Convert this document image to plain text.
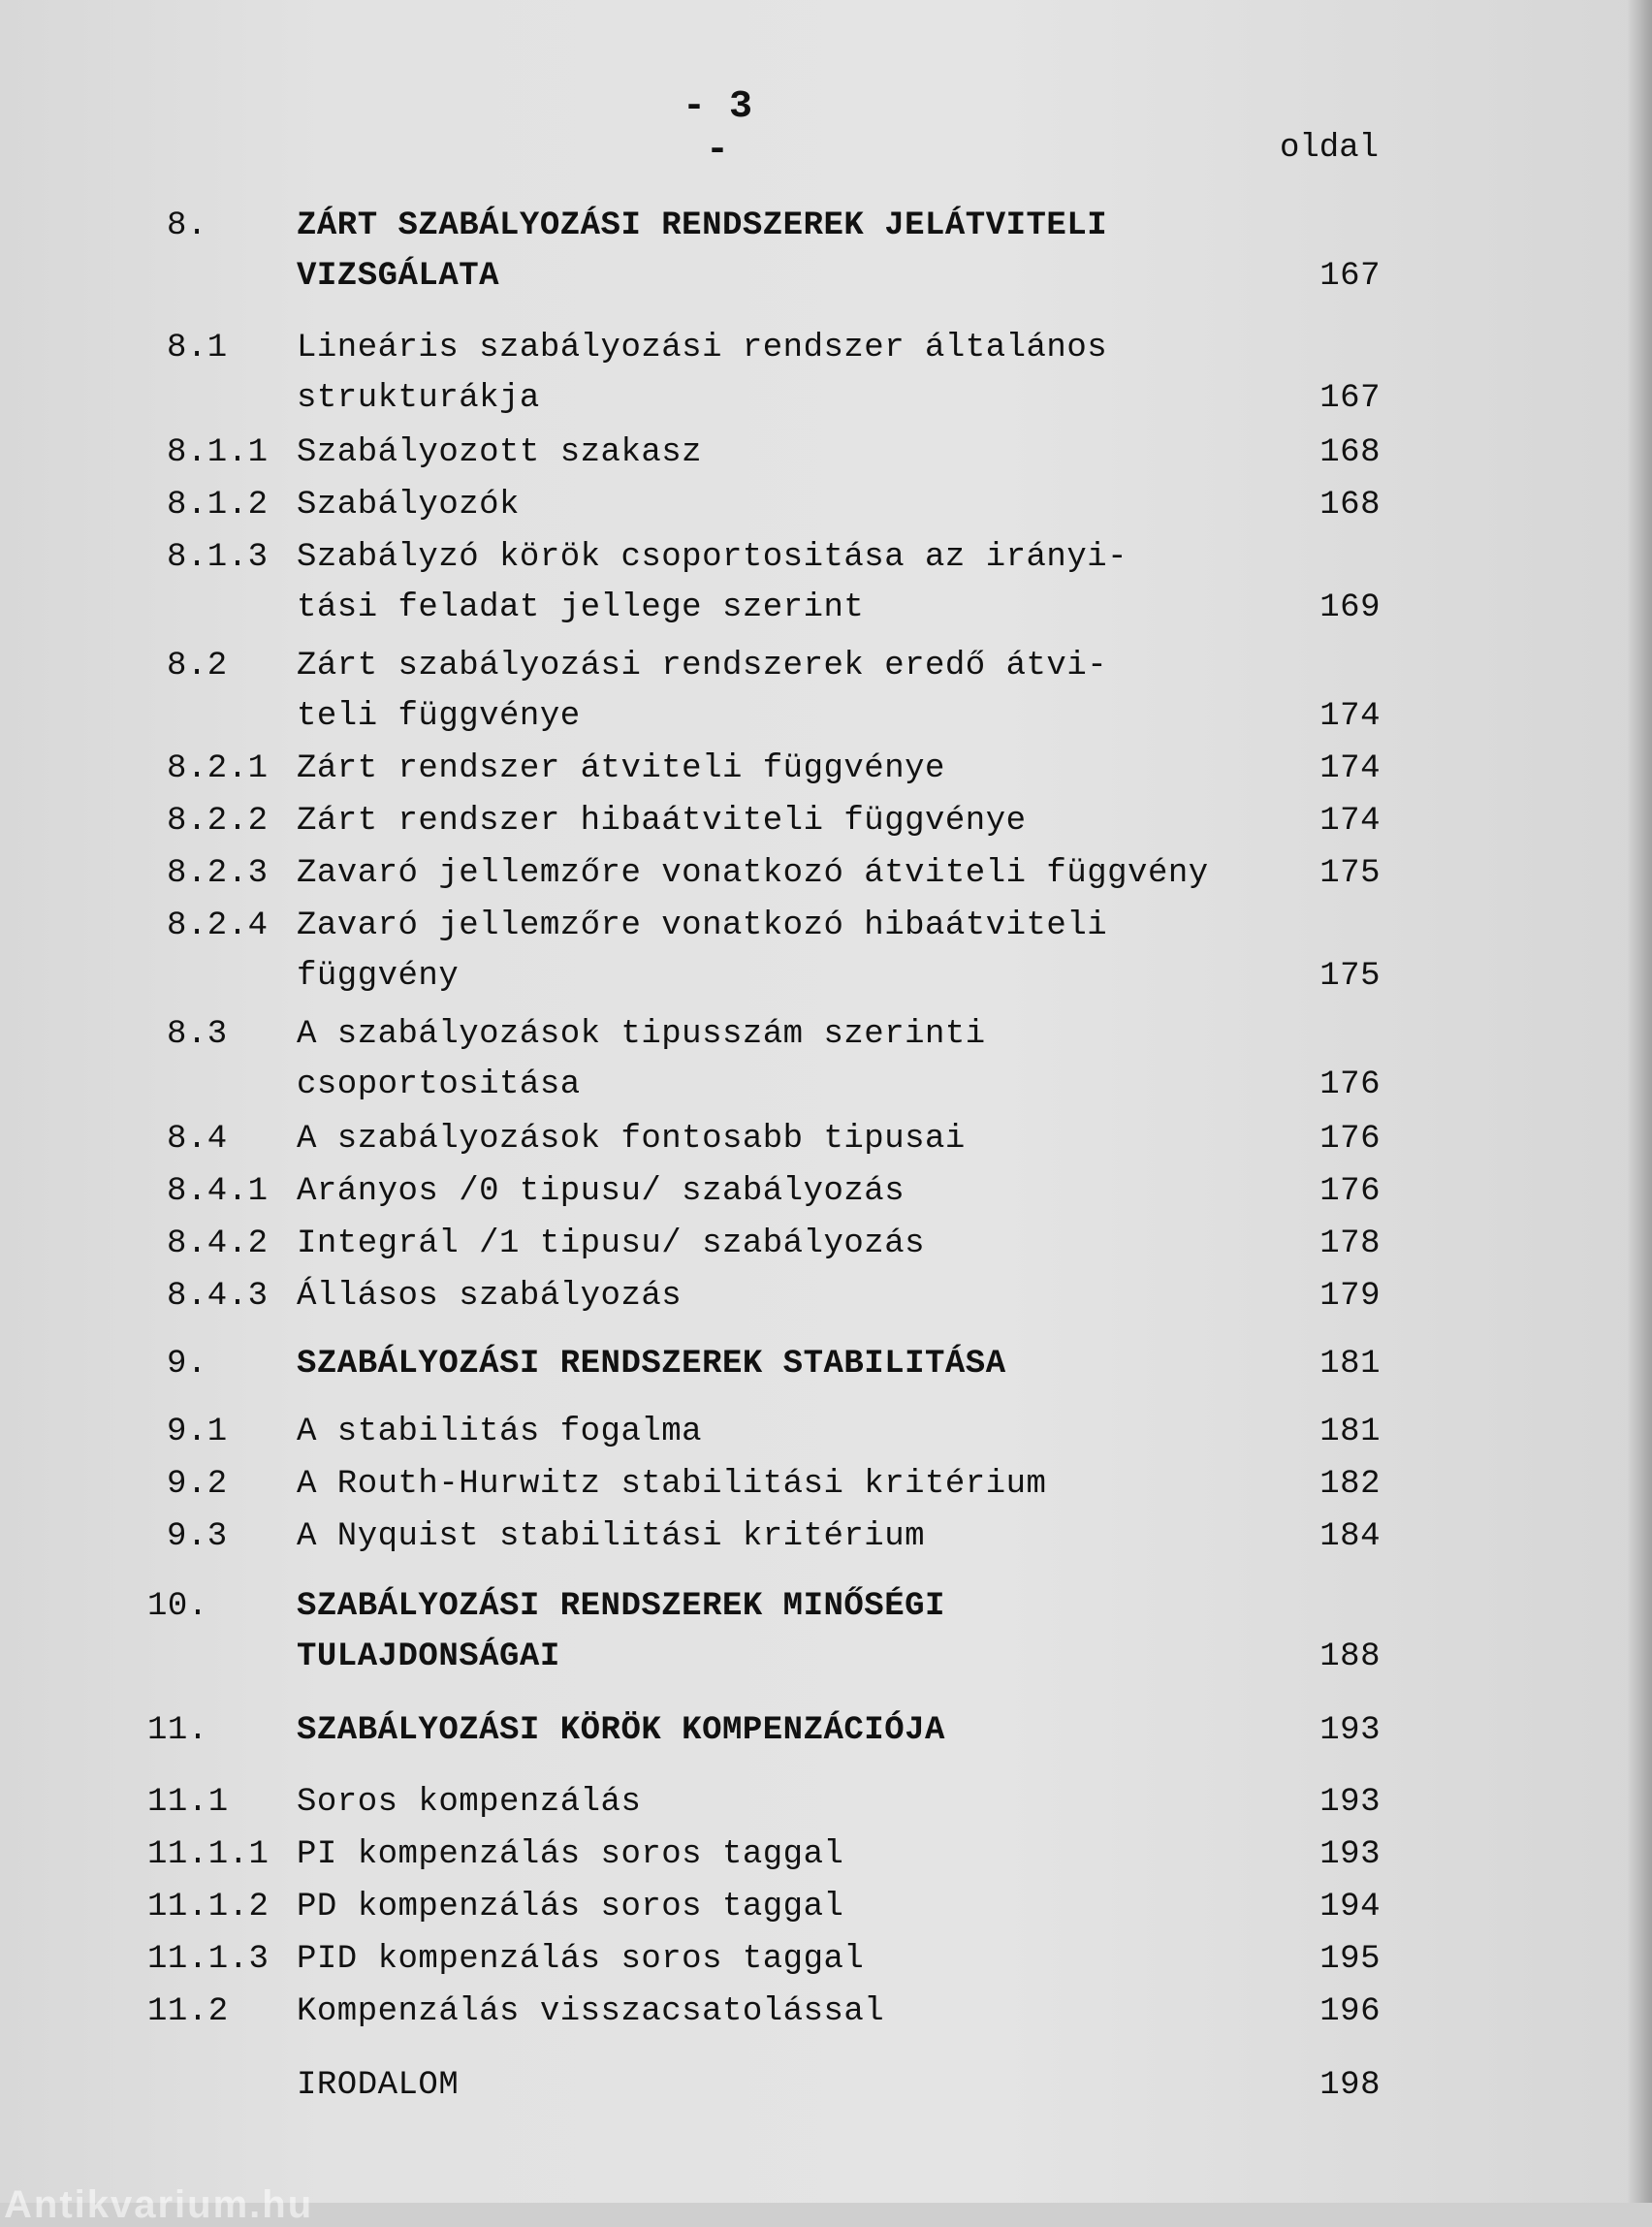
- 3 -	oldal
8.	ZÁRT SZABÁLYOZÁSI RENDSZEREK JELÁTVITELI
VIZSGÁLATA	167
8.1 Lineáris szabályozási rendszer általános
strukturákja	167
8.1.1 Szabályozott szakasz	168
8.1.2 Szabályozók	168
8.1.3 Szabályzó körök csoportositása az irányi-
tási feladat jellege szerint	169
8.2 Zárt szabályozási rendszerek eredő átvi-
teli függvénye	174
8.2.1 Zárt rendszer átviteli függvénye	174
8.2.2 Zárt rendszer hibaátviteli függvénye	174
8.2.3 Zavaró jellemzőre vonatkozó átviteli függvény	175
8.2.4 Zavaró jellemzőre vonatkozó hibaátviteli
függvény	175
8.3 A szabályozások tipusszám szerinti
csoportositása	176
8.4 A szabályozások fontosabb tipusai	176
8.4.1 Arányos /0 tipusu/ szabályozás	176
8.4.2 Integrál /1 tipusu/ szabályozás	178
8.4.3 Állásos szabályozás	179
9.	SZABÁLYOZÁSI RENDSZEREK STABILITÁSA	181
9.1 A stabilitás fogalma	181
9.2 A Routh-Hurwitz stabilitási kritérium	182
9.3 A Nyquist stabilitási kritérium	184
10.	SZABÁLYOZÁSI RENDSZEREK MINŐSÉGI
TULAJDONSÁGAI	188
11.	SZABÁLYOZÁSI KÖRÖK KOMPENZÁCIÓJA	193
11.1 Soros kompenzálás	193
11.1.1 PI kompenzálás soros taggal	193
11.1.2 PD kompenzálás soros taggal	194
11.1.3 PID kompenzálás soros taggal	195
11.2 Kompenzálás visszacsatolással	196
IRODALOM	198
Antikvarium.hu
